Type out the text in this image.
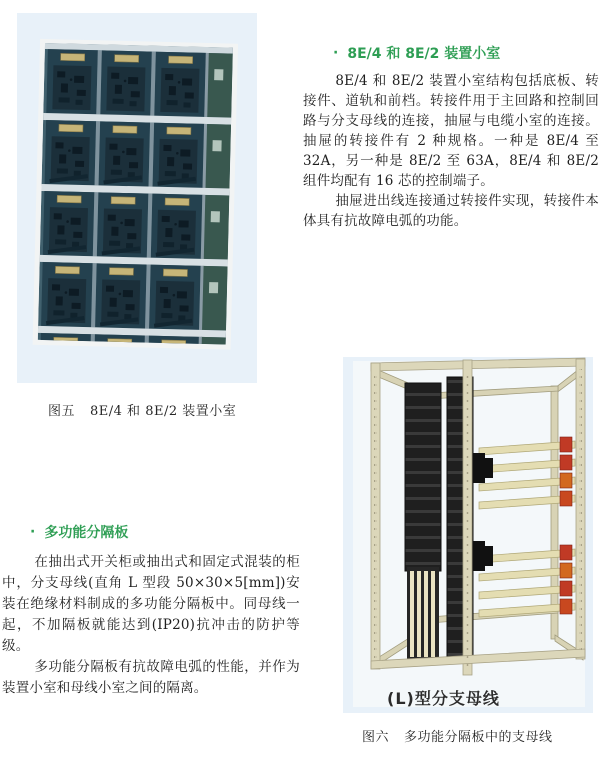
· 8E/4 和 8E/2 装置小室

8E/4 和 8E/2 装置小室结构包括底板、转接件、道轨和前档。转接件用于主回路和控制回路与分支母线的连接，抽屉与电缆小室的连接。抽屉的转接件有 2 种规格。一种是 8E/4 至 32A，另一种是 8E/2 至 63A，8E/4 和 8E/2 组件均配有 16 芯的控制端子。

抽屉进出线连接通过转接件实现，转接件本体具有抗故障电弧的功能。

图五 8E/4 和 8E/2 装置小室
· 多功能分隔板

在抽出式开关柜或抽出式和固定式混装的柜中，分支母线(直角 L 型段 50×30×5[mm])安装在绝缘材料制成的多功能分隔板中。同母线一起，不加隔板就能达到(IP20)抗冲击的防护等级。

多功能分隔板有抗故障电弧的性能，并作为装置小室和母线小室之间的隔离。

(L)型分支母线
图六 多功能分隔板中的支母线
